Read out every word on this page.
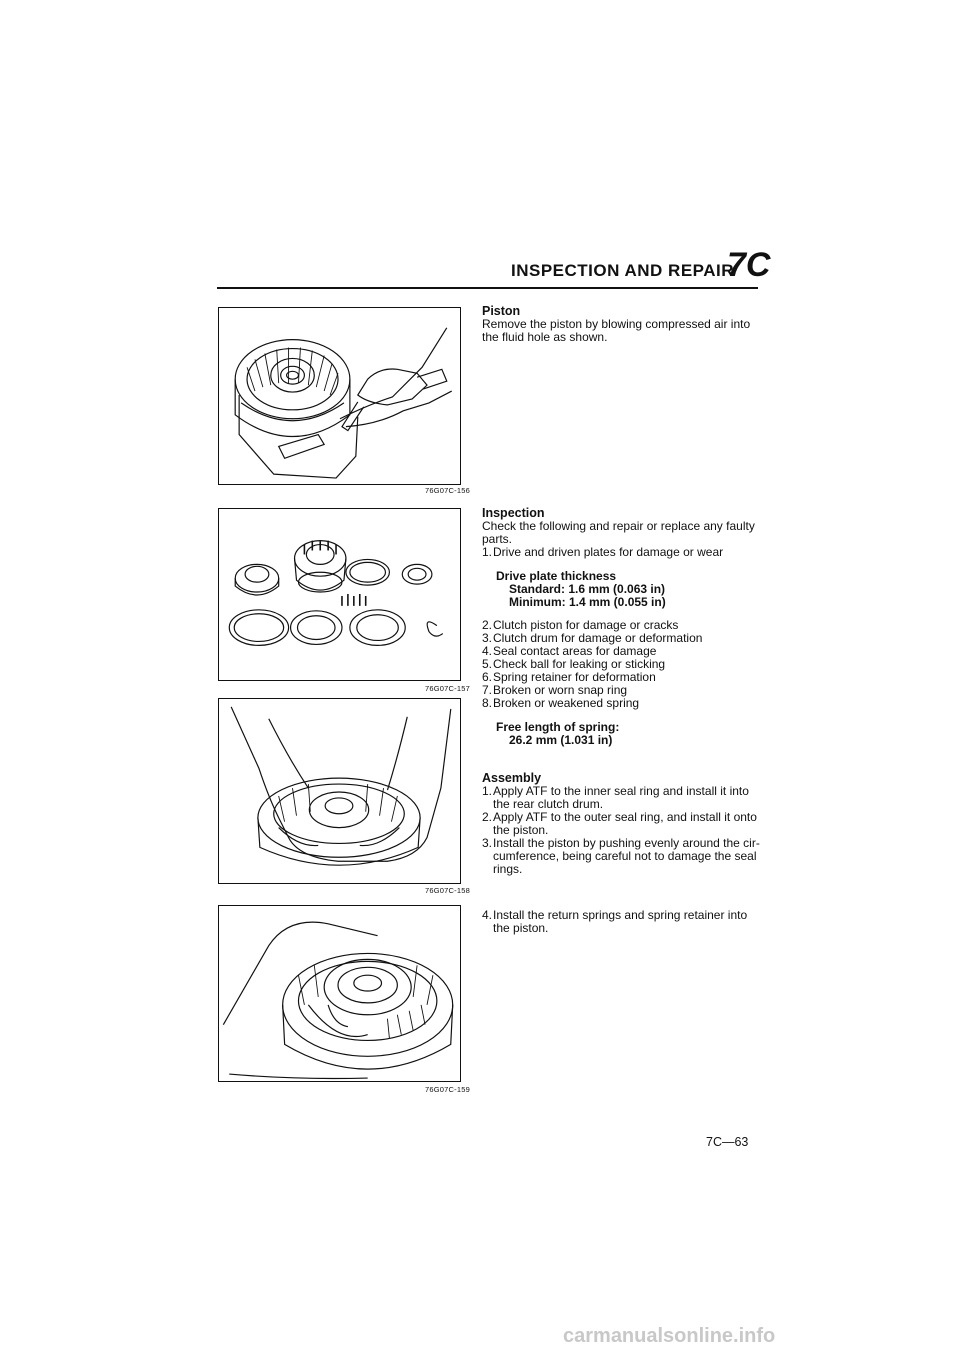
INSPECTION AND REPAIR
7C
76G07C-156
76G07C-157
76G07C-158
76G07C-159
Piston

Remove the piston by blowing compressed air into the fluid hole as shown.

Inspection

Check the following and repair or replace any faulty parts.

1. Drive and driven plates for damage or wear
Drive plate thickness
Standard: 1.6 mm (0.063 in)
Minimum: 1.4 mm (0.055 in)
2. Clutch piston for damage or cracks
3. Clutch drum for damage or deformation
4. Seal contact areas for damage
5. Check ball for leaking or sticking
6. Spring retainer for deformation
7. Broken or worn snap ring
8. Broken or weakened spring
Free length of spring:
26.2 mm (1.031 in)
Assembly
1. Apply ATF to the inner seal ring and install it into the rear clutch drum.
2. Apply ATF to the outer seal ring, and install it onto the piston.
3. Install the piston by pushing evenly around the cir-cumference, being careful not to damage the seal rings.
4. Install the return springs and spring retainer into the piston.
7C—63
carmanualsonline.info
